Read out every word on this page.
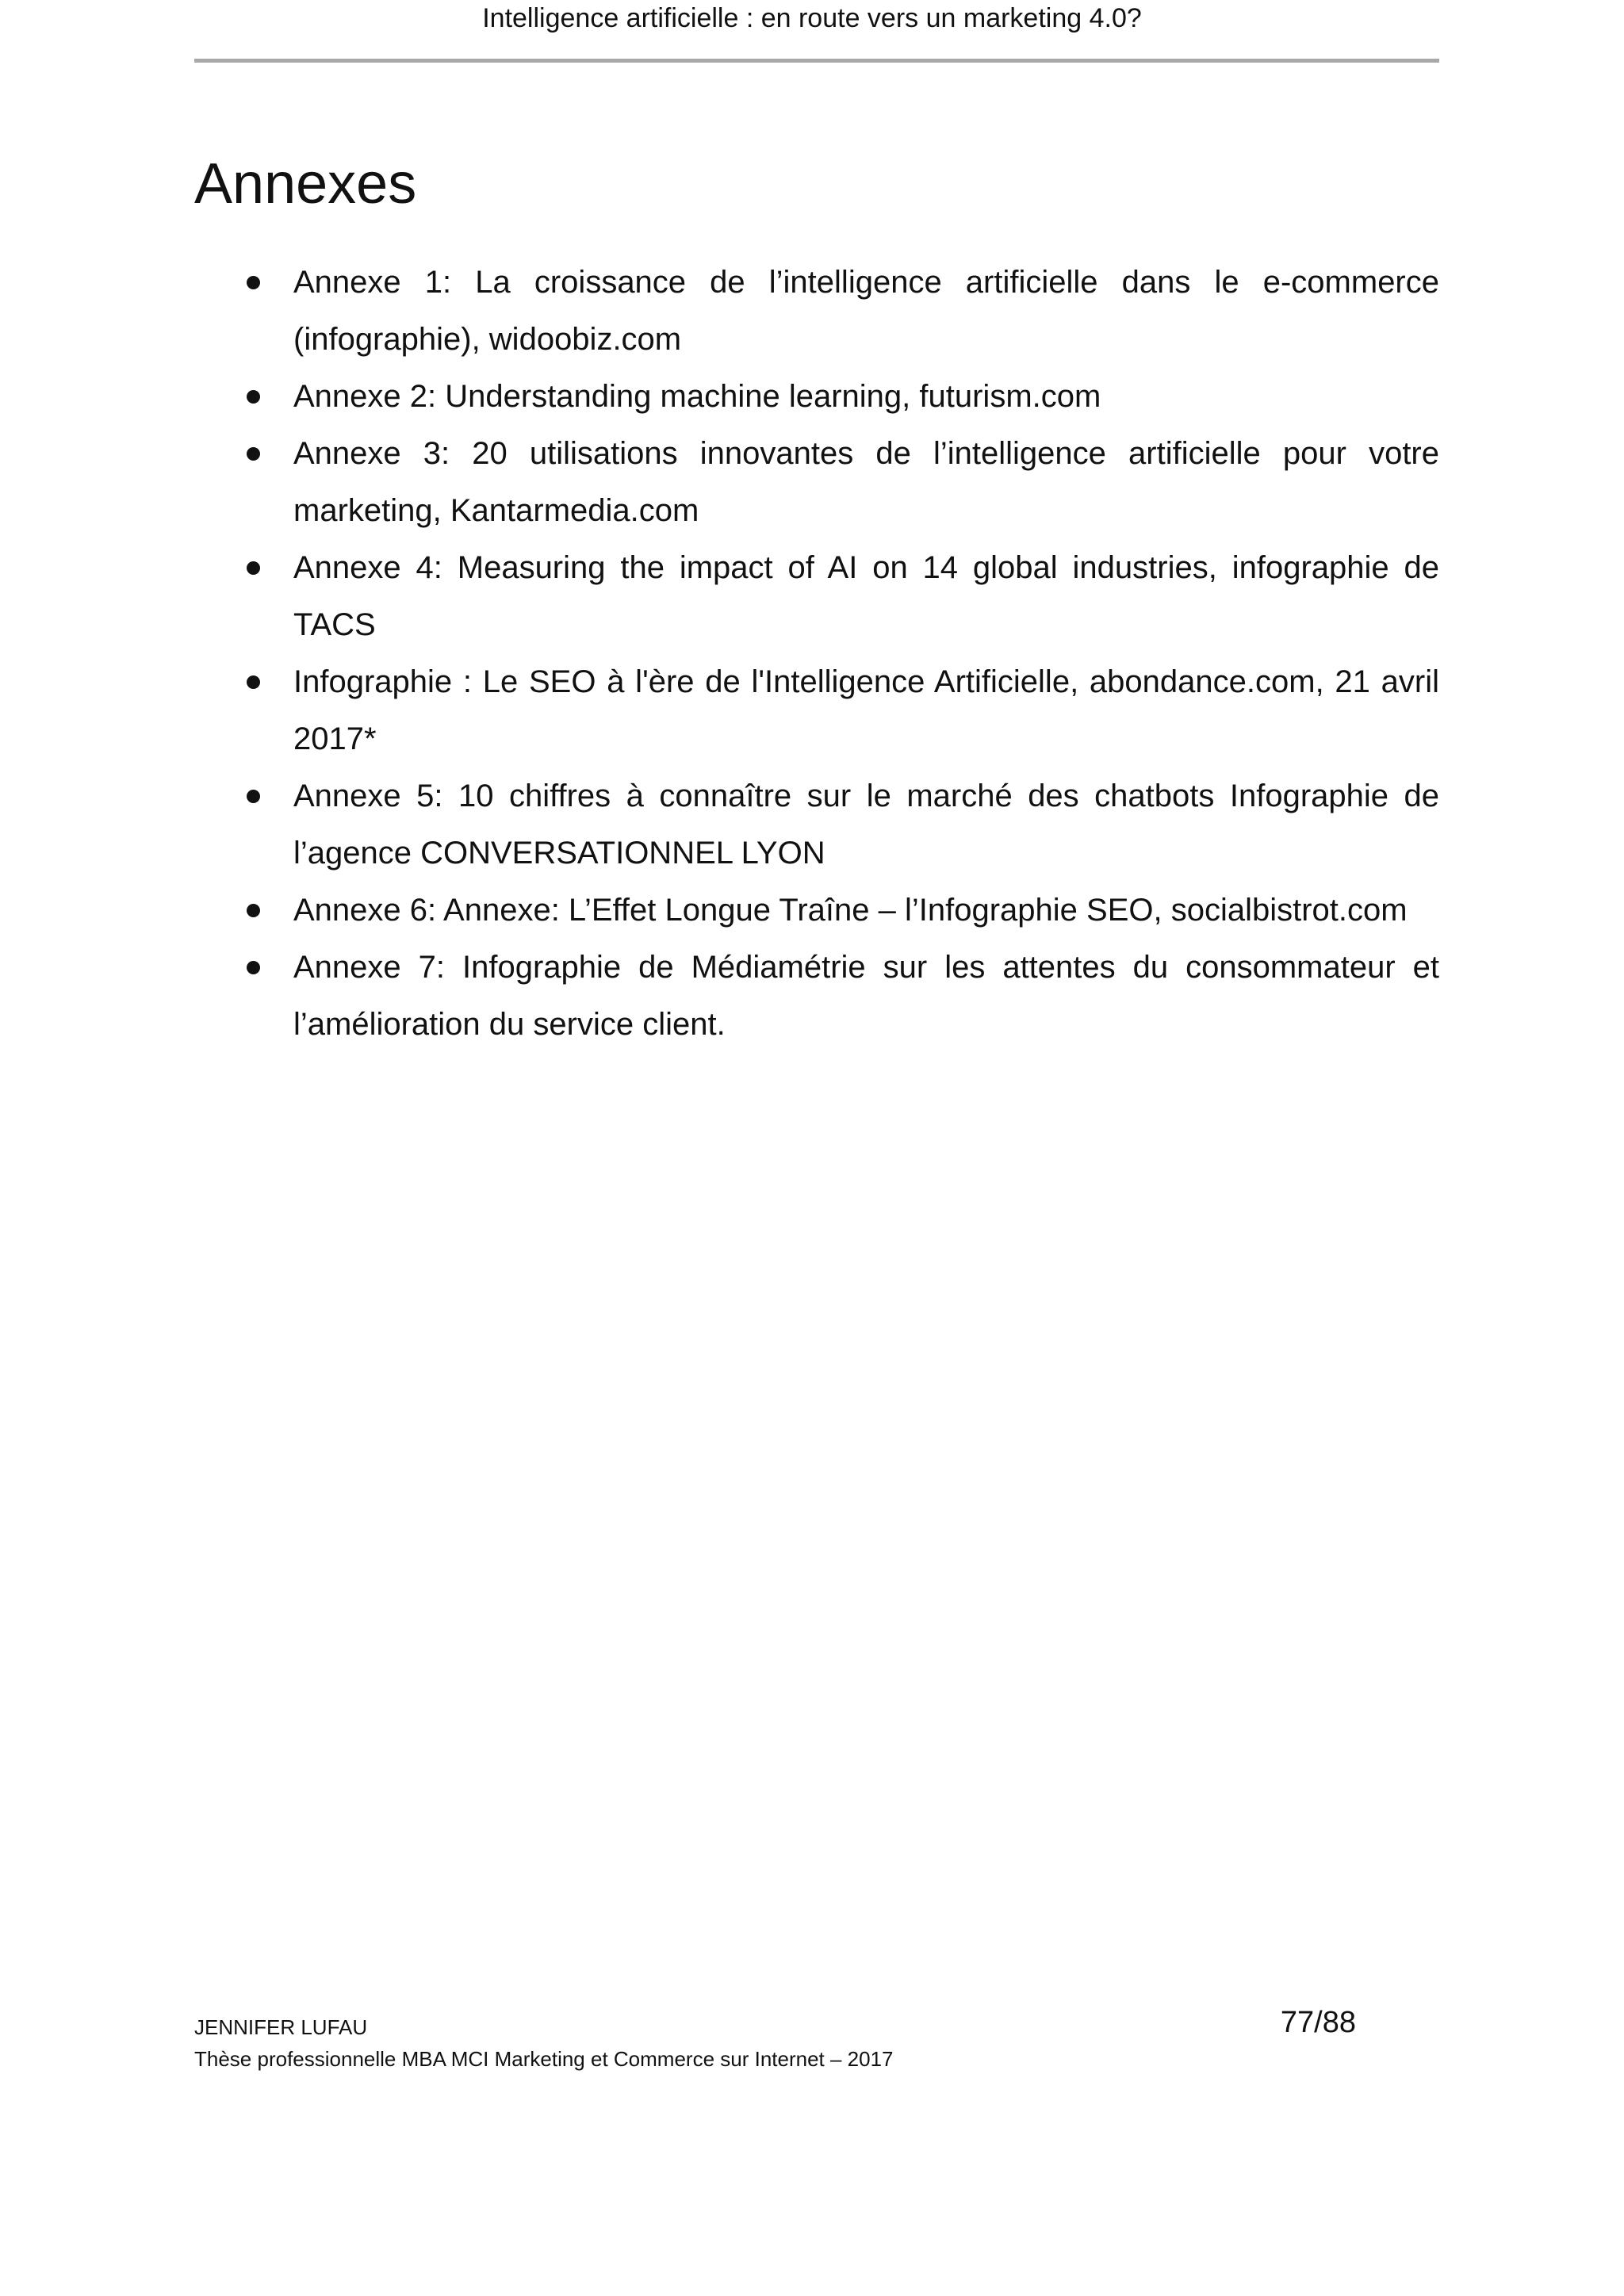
Intelligence artificielle : en route vers un marketing 4.0?
Annexes
Annexe 1: La croissance de l’intelligence artificielle dans le e-commerce (infographie), widoobiz.com
Annexe 2: Understanding machine learning, futurism.com
Annexe 3: 20 utilisations innovantes de l’intelligence artificielle pour votre marketing, Kantarmedia.com
Annexe 4: Measuring the impact of AI on 14 global industries, infographie de TACS
Infographie : Le SEO à l'ère de l'Intelligence Artificielle, abondance.com, 21 avril 2017*
Annexe 5: 10 chiffres à connaître sur le marché des chatbots Infographie de l’agence CONVERSATIONNEL LYON
Annexe 6: Annexe: L’Effet Longue Traîne – l’Infographie SEO, socialbistrot.com
Annexe 7: Infographie de Médiamétrie sur les attentes du consommateur et l’amélioration du service client.
JENNIFER LUFAU	77/88
Thèse professionnelle MBA MCI Marketing et Commerce sur Internet – 2017
